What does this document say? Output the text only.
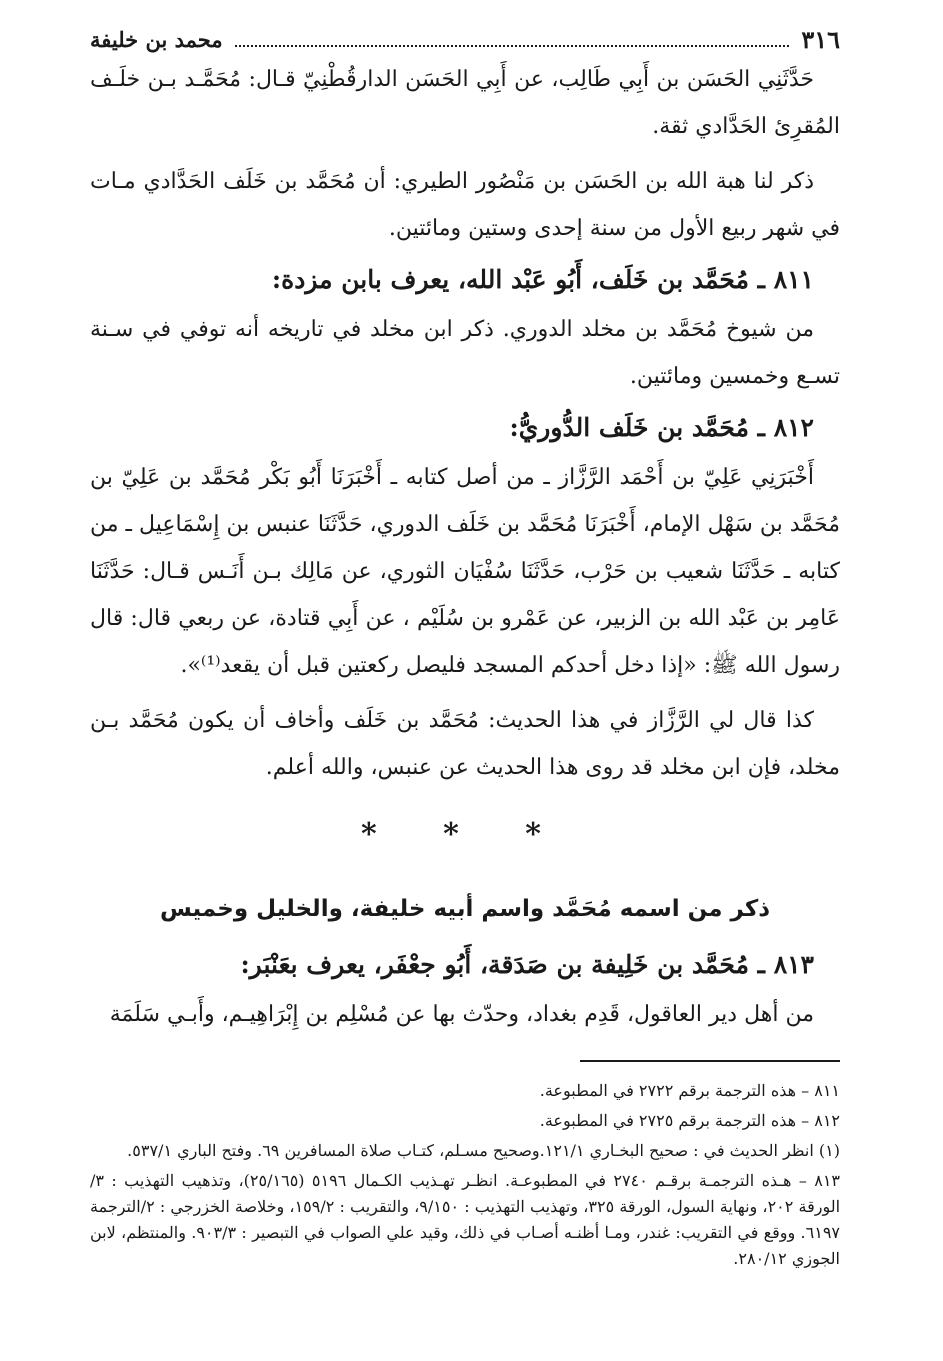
٣١٦
محمد بن خليفة

حَدَّثَنِي الحَسَن بن أَبِي طَالِب، عن أَبِي الحَسَن الدارقُطْنِيّ قـال: مُحَمَّـد بـن خلَـف المُقرِئ الحَدَّادي ثقة.

ذكر لنا هبة الله بن الحَسَن بن مَنْصُور الطيري: أن مُحَمَّد بن خَلَف الحَدَّادي مـات في شهر ربيع الأول من سنة إحدى وستين ومائتين.

٨١١ ـ مُحَمَّد بن خَلَف، أَبُو عَبْد الله، يعرف بابن مزدة:

من شيوخ مُحَمَّد بن مخلد الدوري. ذكر ابن مخلد في تاريخه أنه توفي في سـنة تسـع وخمسين ومائتين.

٨١٢ ـ مُحَمَّد بن خَلَف الدُّوريُّ:

أَخْبَرَنِي عَلِيّ بن أَحْمَد الرَّزَّاز ـ من أصل كتابه ـ أَخْبَرَنَا أَبُو بَكْر مُحَمَّد بن عَلِيّ بن مُحَمَّد بن سَهْل الإمام، أَخْبَرَنَا مُحَمَّد بن خَلَف الدوري، حَدَّثَنَا عنبس بن إِسْمَاعِيل ـ من كتابه ـ حَدَّثَنَا شعيب بن حَرْب، حَدَّثَنَا سُفْيَان الثوري، عن مَالِك بـن أَنَـس قـال: حَدَّثَنَا عَامِر بن عَبْد الله بن الزبير، عن عَمْرو بن سُلَيْم ، عن أَبِي قتادة، عن ربعي قال: قال رسول الله ﷺ: «إذا دخل أحدكم المسجد فليصل ركعتين قبل أن يقعد⁽¹⁾».

كذا قال لي الرَّزَّاز في هذا الحديث: مُحَمَّد بن خَلَف وأخاف أن يكون مُحَمَّد بـن مخلد، فإن ابن مخلد قد روى هذا الحديث عن عنبس، والله أعلم.

* * *
ذكر من اسمه مُحَمَّد واسم أبيه خليفة، والخليل وخميس

٨١٣ ـ مُحَمَّد بن خَلِيفة بن صَدَقة، أَبُو جعْفَر، يعرف بعَنْبَر:

من أهل دير العاقول، قَدِم بغداد، وحدّث بها عن مُسْلِم بن إِبْرَاهِيـم، وأَبـي سَلَمَة

٨١١ – هذه الترجمة برقم ٢٧٢٢ في المطبوعة.

٨١٢ – هذه الترجمة برقم ٢٧٢٥ في المطبوعة.

(١) انظر الحديث في : صحيح البخـاري ١٢١/١.وصحيح مسـلم، كتـاب صلاة المسافرين ٦٩. وفتح الباري ٥٣٧/١.

٨١٣ – هـذه الترجمـة برقـم ٢٧٤٠ في المطبوعـة. انظـر تهـذيب الكـمال ٥١٩٦ (٢٥/١٦٥)، وتذهيب التهذيب : ٣/الورقة ٢٠٢، ونهاية السول، الورقة ٣٢٥، وتهذيب التهذيب : ٩/١٥٠، والتقريب : ١٥٩/٢، وخلاصة الخزرجي : ٢/الترجمة ٦١٩٧. ووقع في التقريب: غندر، ومـا أظنـه أصـاب في ذلك، وقيد علي الصواب في التبصير : ٩٠٣/٣. والمنتظم، لابن الجوزي ٢٨٠/١٢.
